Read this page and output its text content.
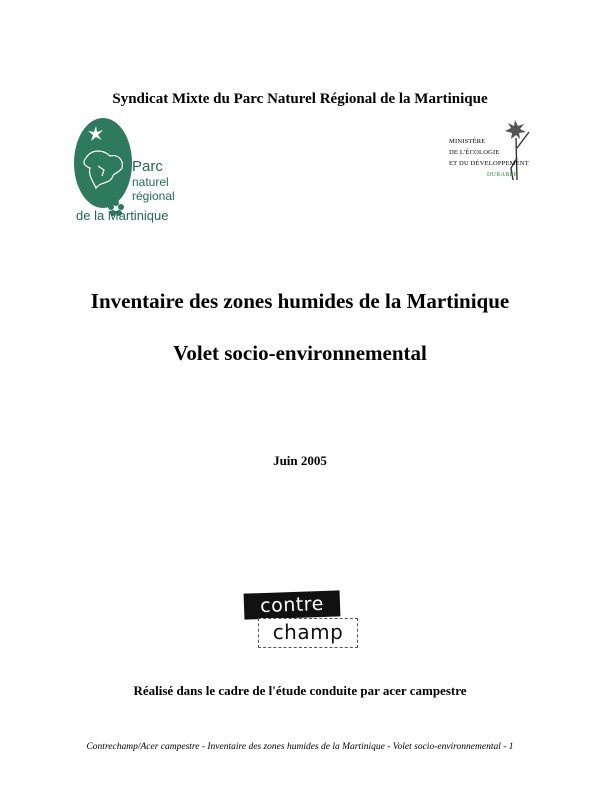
Syndicat Mixte du Parc Naturel Régional de la Martinique
Parc
naturel
régional
de la Martinique
MINISTÈRE
DE L'ÉCOLOGIE
ET DU DÉVELOPPEMENT
DURABLE
Inventaire des zones humides de la Martinique
Volet socio-environnemental
Juin 2005
contre
champ
Réalisé dans le cadre de l'étude conduite par acer campestre
Contrechamp/Acer campestre - Inventaire des zones humides de la Martinique - Volet socio-environnemental - 1
